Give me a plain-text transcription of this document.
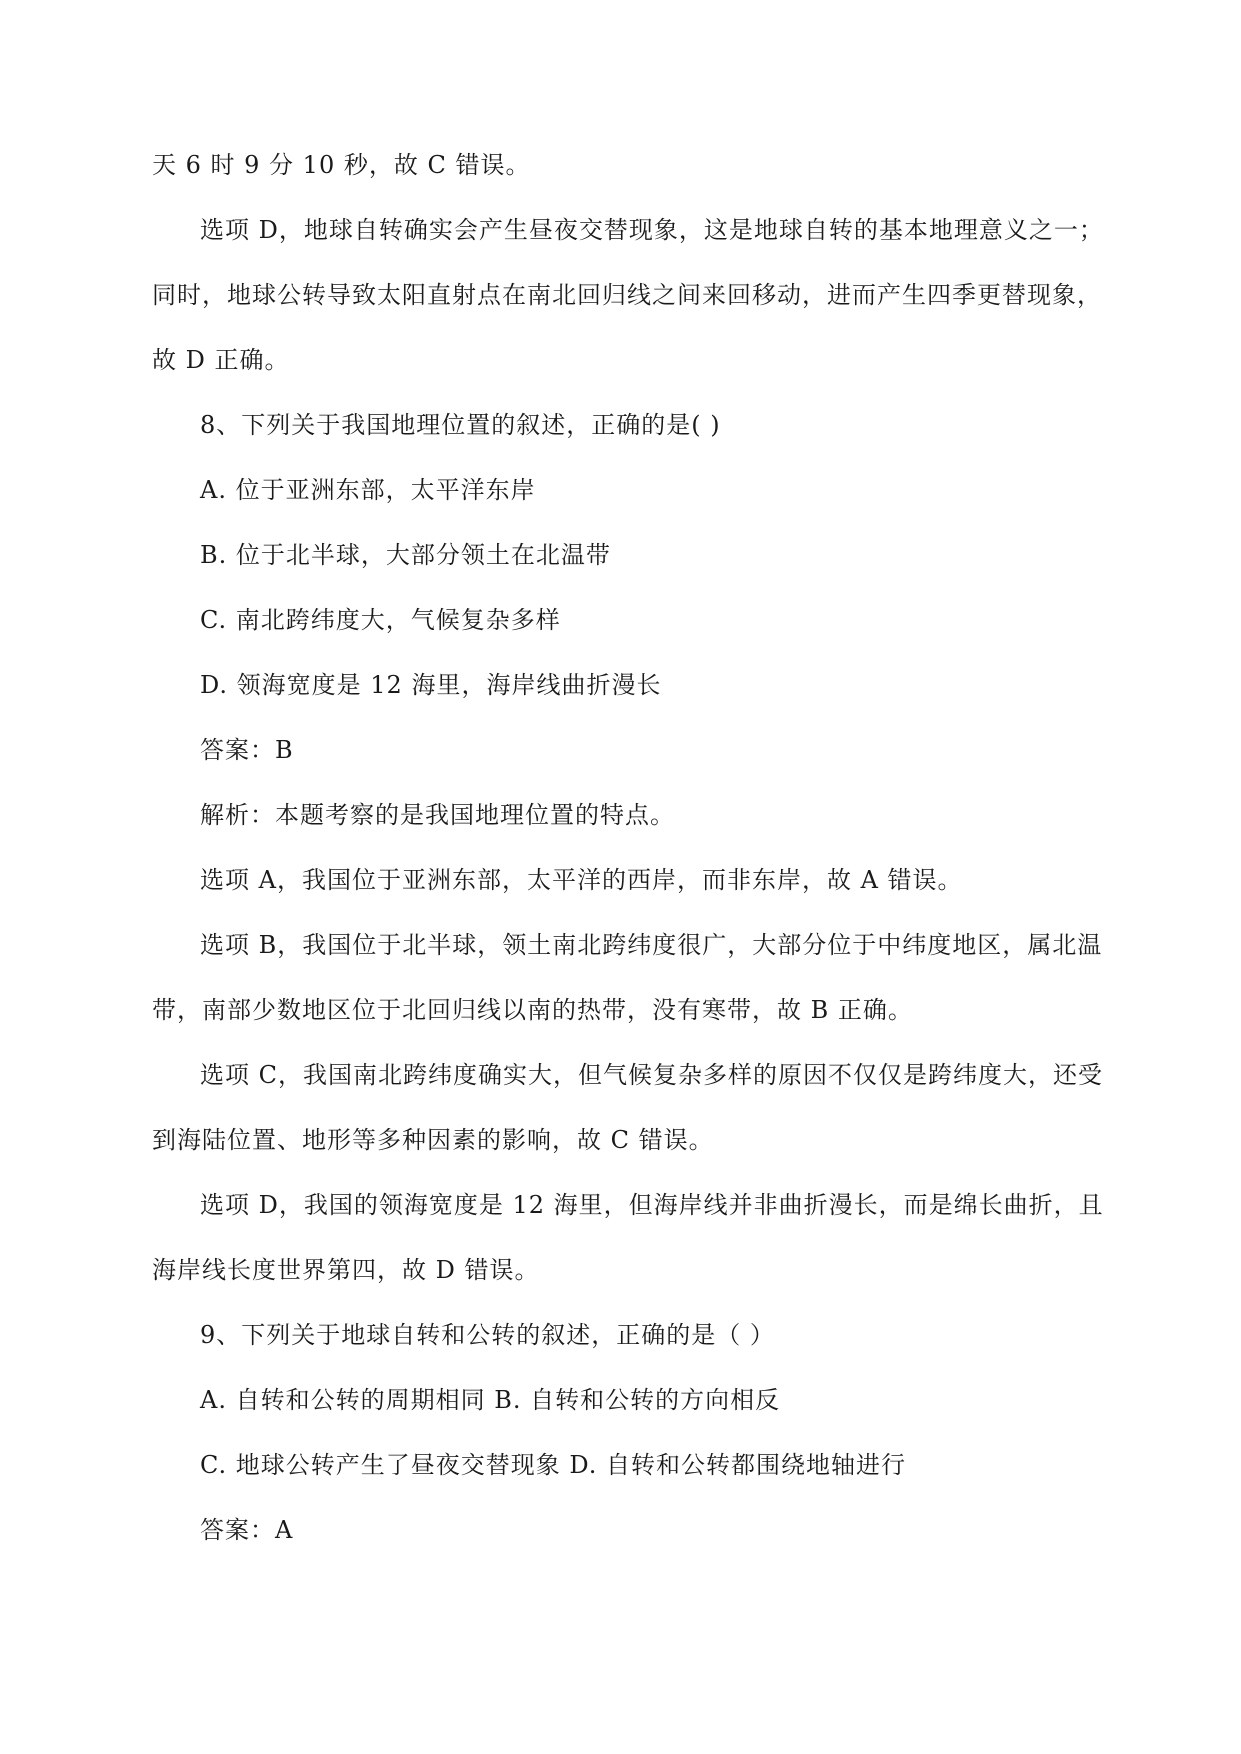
天 6 时 9 分 10 秒，故 C 错误。
选项 D，地球自转确实会产生昼夜交替现象，这是地球自转的基本地理意义之一；
同时，地球公转导致太阳直射点在南北回归线之间来回移动，进而产生四季更替现象，
故 D 正确。
8、下列关于我国地理位置的叙述，正确的是( )
A. 位于亚洲东部，太平洋东岸
B. 位于北半球，大部分领土在北温带
C. 南北跨纬度大，气候复杂多样
D. 领海宽度是 12 海里，海岸线曲折漫长
答案：B
解析：本题考察的是我国地理位置的特点。
选项 A，我国位于亚洲东部，太平洋的西岸，而非东岸，故 A 错误。
选项 B，我国位于北半球，领土南北跨纬度很广，大部分位于中纬度地区，属北温
带，南部少数地区位于北回归线以南的热带，没有寒带，故 B 正确。
选项 C，我国南北跨纬度确实大，但气候复杂多样的原因不仅仅是跨纬度大，还受
到海陆位置、地形等多种因素的影响，故 C 错误。
选项 D，我国的领海宽度是 12 海里，但海岸线并非曲折漫长，而是绵长曲折，且
海岸线长度世界第四，故 D 错误。
9、下列关于地球自转和公转的叙述，正确的是（ ）
A. 自转和公转的周期相同 B. 自转和公转的方向相反
C. 地球公转产生了昼夜交替现象 D. 自转和公转都围绕地轴进行
答案：A
